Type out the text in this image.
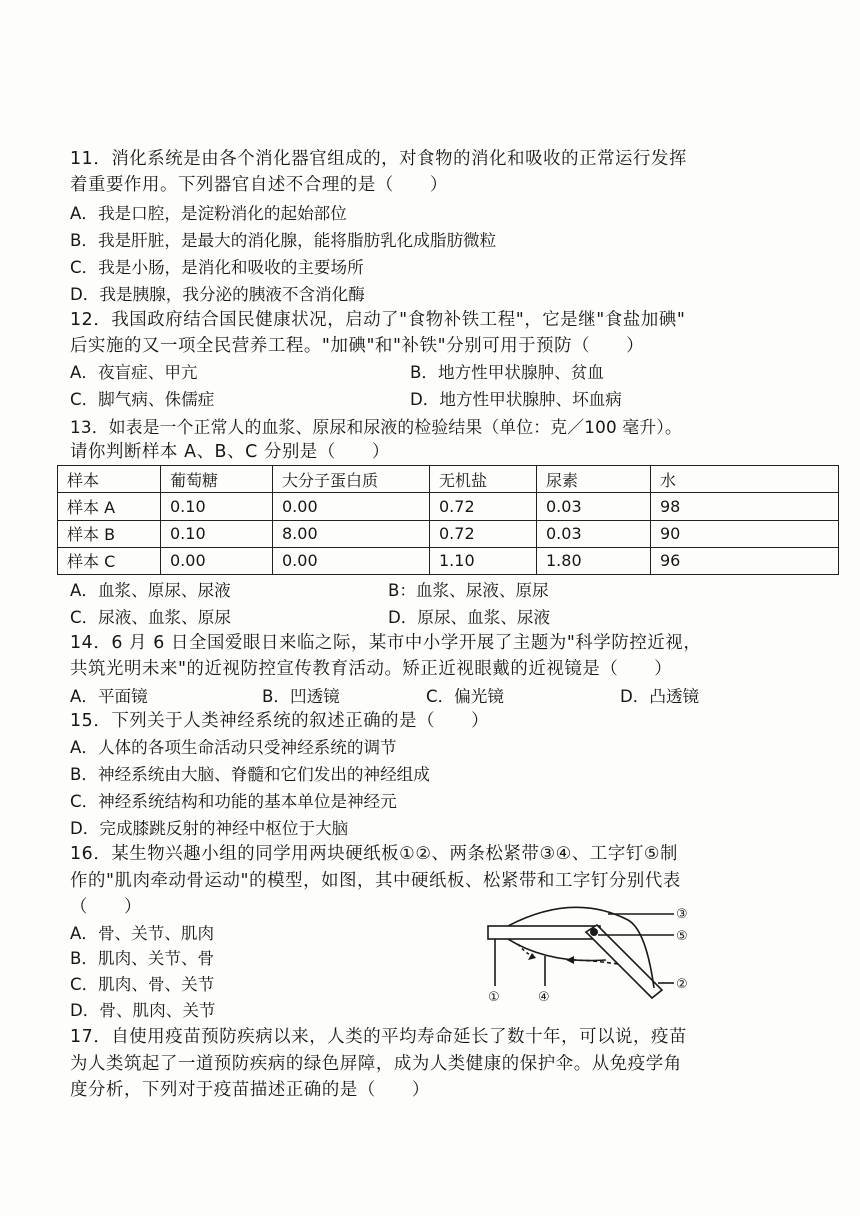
11．消化系统是由各个消化器官组成的，对食物的消化和吸收的正常运行发挥
着重要作用。下列器官自述不合理的是（　　）
A．我是口腔，是淀粉消化的起始部位
B．我是肝脏，是最大的消化腺，能将脂肪乳化成脂肪微粒
C．我是小肠，是消化和吸收的主要场所
D．我是胰腺，我分泌的胰液不含消化酶
12．我国政府结合国民健康状况，启动了"食物补铁工程"，它是继"食盐加碘"
后实施的又一项全民营养工程。"加碘"和"补铁"分别可用于预防（　　）
A．夜盲症、甲亢	B．地方性甲状腺肿、贫血
C．脚气病、侏儒症	D．地方性甲状腺肿、坏血病
13．如表是一个正常人的血浆、原尿和尿液的检验结果（单位：克／100 毫升）。
请你判断样本 A、B、C 分别是（　　）
样本	葡萄糖	大分子蛋白质	无机盐	尿素	水
样本 A	0.10	0.00	0.72	0.03	98
样本 B	0.10	8.00	0.72	0.03	90
样本 C	0.00	0.00	1.10	1.80	96
A．血浆、原尿、尿液	B：血浆、尿液、原尿
C．尿液、血浆、原尿	D．原尿、血浆、尿液
14．6 月 6 日全国爱眼日来临之际，某市中小学开展了主题为"科学防控近视，
共筑光明未来"的近视防控宣传教育活动。矫正近视眼戴的近视镜是（　　）
A．平面镜	B．凹透镜	C．偏光镜	D．凸透镜
15．下列关于人类神经系统的叙述正确的是（　　）
A．人体的各项生命活动只受神经系统的调节
B．神经系统由大脑、脊髓和它们发出的神经组成
C．神经系统结构和功能的基本单位是神经元
D．完成膝跳反射的神经中枢位于大脑
16．某生物兴趣小组的同学用两块硬纸板①②、两条松紧带③④、工字钉⑤制
作的"肌肉牵动骨运动"的模型，如图，其中硬纸板、松紧带和工字钉分别代表
（　　）
A．骨、关节、肌肉
B．肌肉、关节、骨
C．肌肉、骨、关节
D．骨、肌肉、关节
①
②
③
④
⑤
17．自使用疫苗预防疾病以来，人类的平均寿命延长了数十年，可以说，疫苗
为人类筑起了一道预防疾病的绿色屏障，成为人类健康的保护伞。从免疫学角
度分析，下列对于疫苗描述正确的是（　　）
